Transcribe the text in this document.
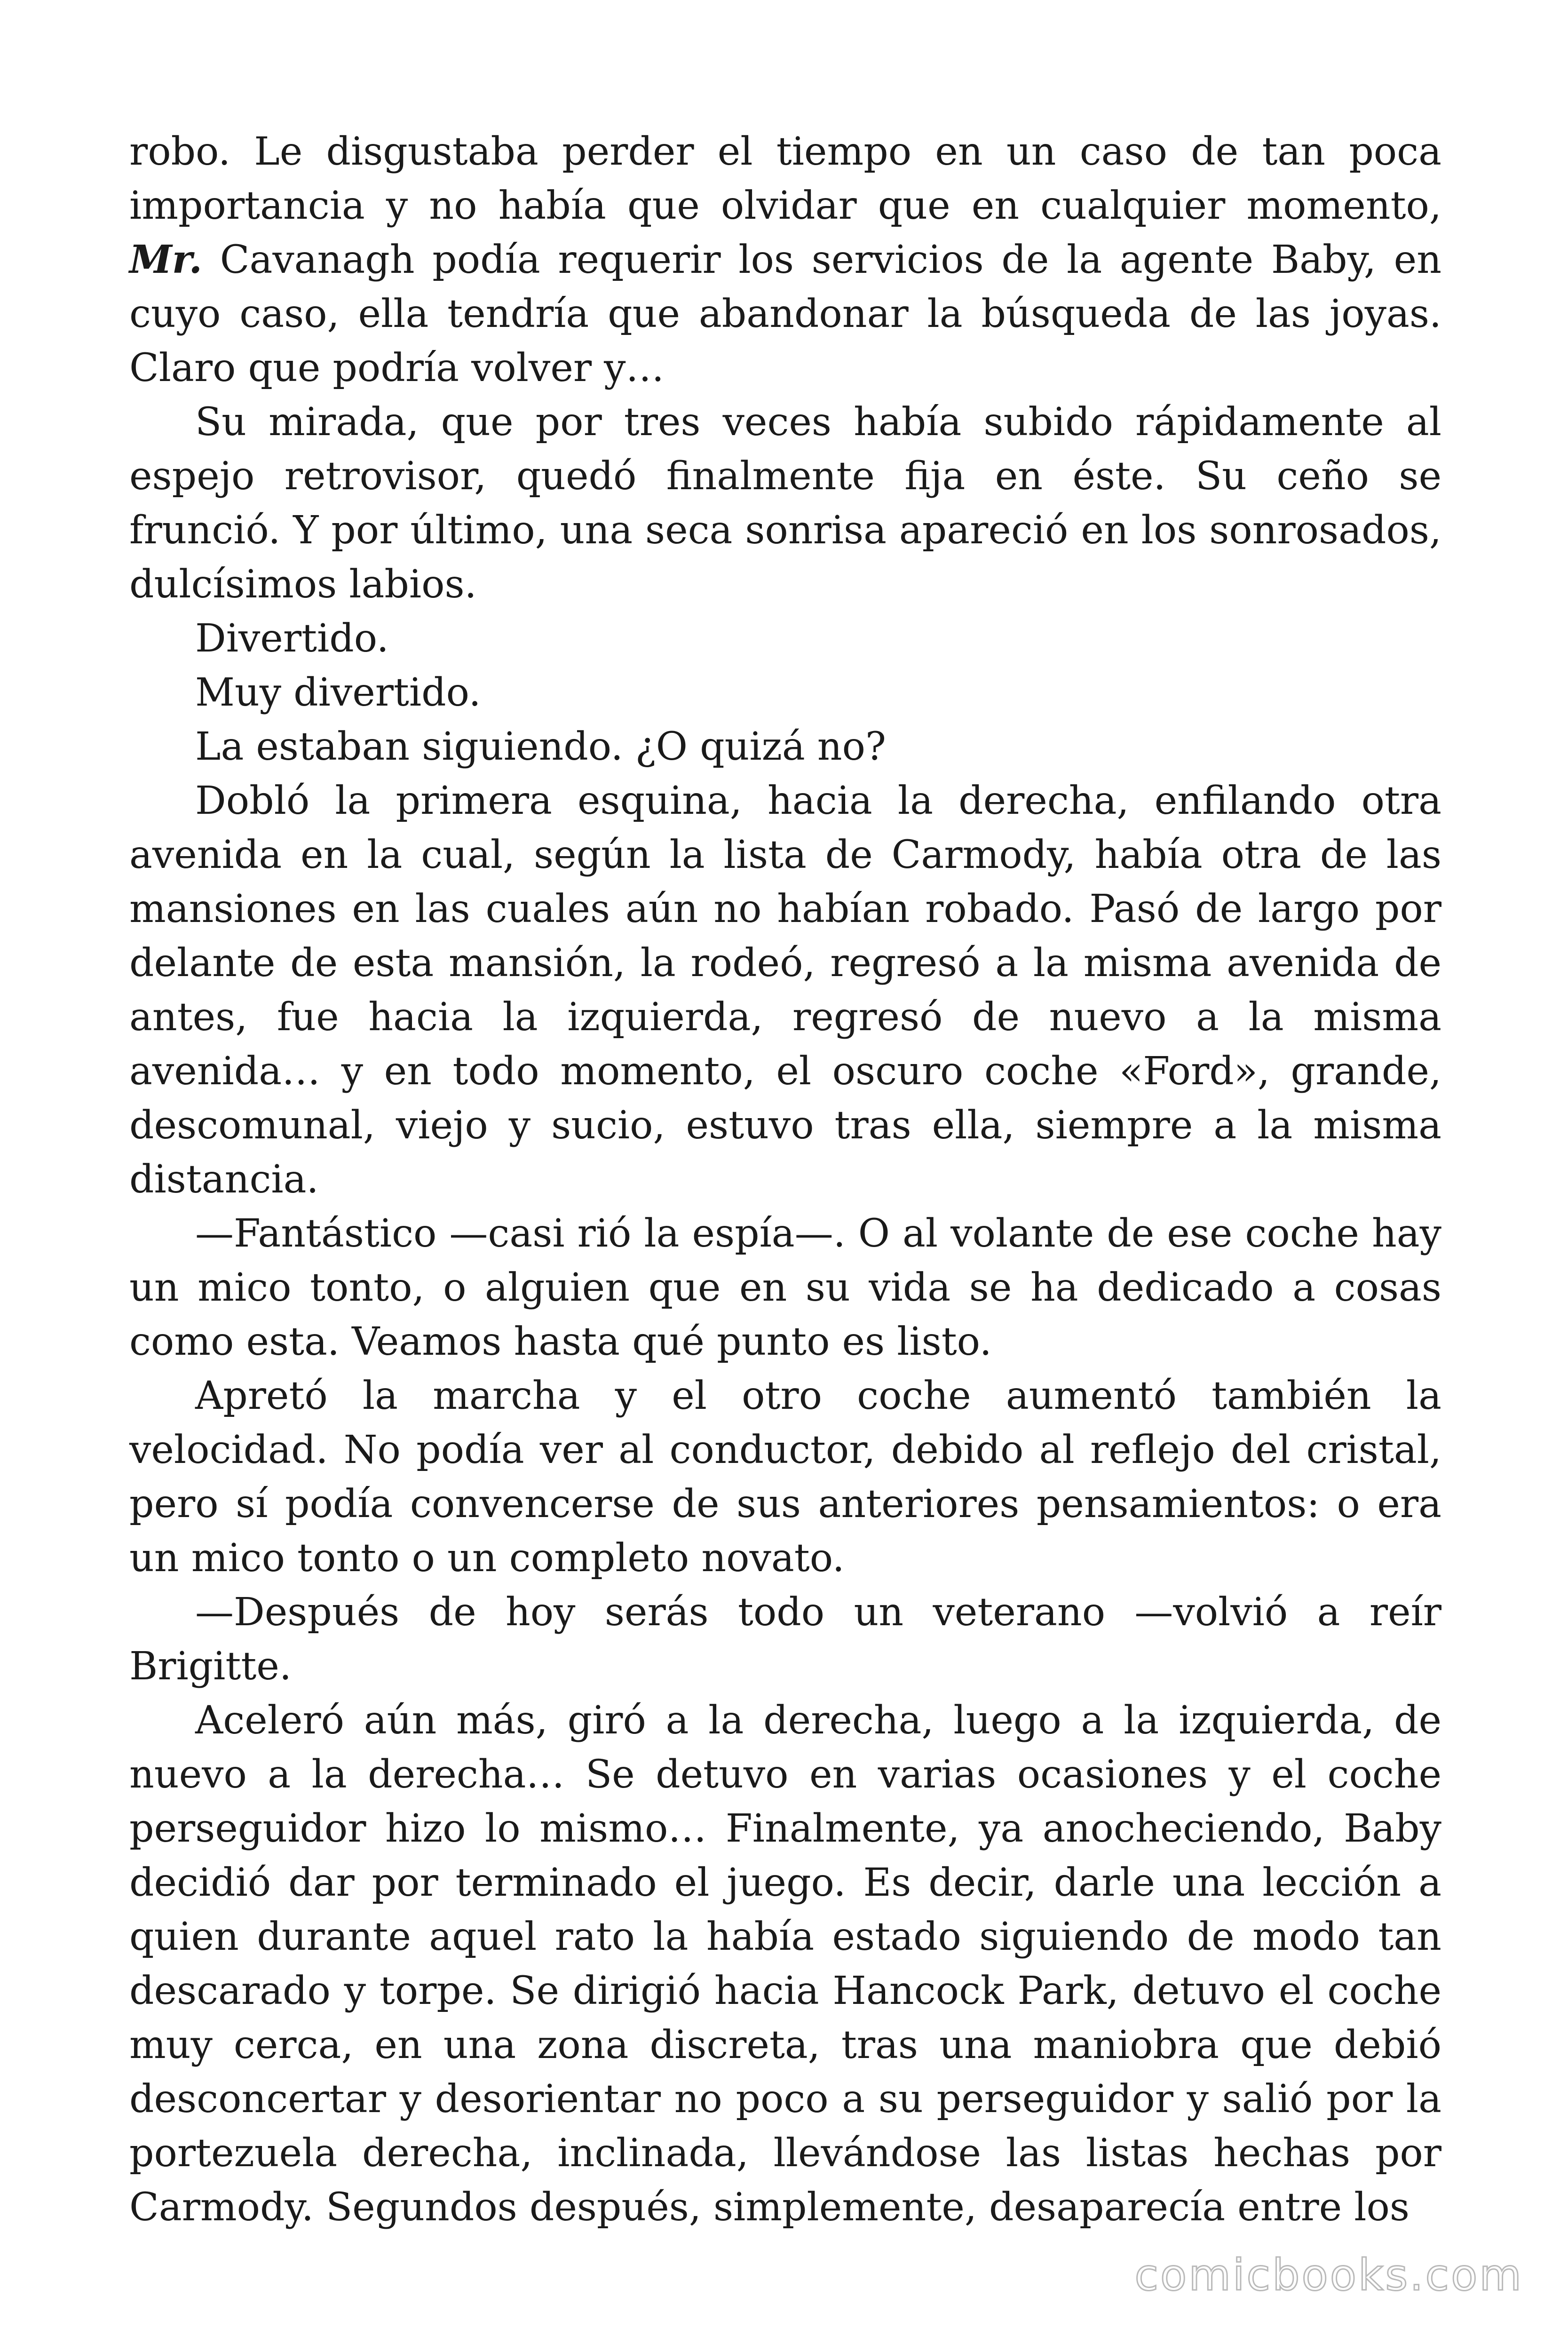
robo. Le disgustaba perder el tiempo en un caso de tan poca importancia y no había que olvidar que en cualquier momento, Mr. Cavanagh podía requerir los servicios de la agente Baby, en cuyo caso, ella tendría que abandonar la búsqueda de las joyas. Claro que podría volver y…

Su mirada, que por tres veces había subido rápidamente al espejo retrovisor, quedó finalmente fija en éste. Su ceño se frunció. Y por último, una seca sonrisa apareció en los sonrosados, dulcísimos labios.

Divertido.

Muy divertido.

La estaban siguiendo. ¿O quizá no?

Dobló la primera esquina, hacia la derecha, enfilando otra avenida en la cual, según la lista de Carmody, había otra de las mansiones en las cuales aún no habían robado. Pasó de largo por delante de esta mansión, la rodeó, regresó a la misma avenida de antes, fue hacia la izquierda, regresó de nuevo a la misma avenida… y en todo momento, el oscuro coche «Ford», grande, descomunal, viejo y sucio, estuvo tras ella, siempre a la misma distancia.

—Fantástico —casi rió la espía—. O al volante de ese coche hay un mico tonto, o alguien que en su vida se ha dedicado a cosas como esta. Veamos hasta qué punto es listo.

Apretó la marcha y el otro coche aumentó también la velocidad. No podía ver al conductor, debido al reflejo del cristal, pero sí podía convencerse de sus anteriores pensamientos: o era un mico tonto o un completo novato.

—Después de hoy serás todo un veterano —volvió a reír Brigitte.

Aceleró aún más, giró a la derecha, luego a la izquierda, de nuevo a la derecha… Se detuvo en varias ocasiones y el coche perseguidor hizo lo mismo… Finalmente, ya anocheciendo, Baby decidió dar por terminado el juego. Es decir, darle una lección a quien durante aquel rato la había estado siguiendo de modo tan descarado y torpe. Se dirigió hacia Hancock Park, detuvo el coche muy cerca, en una zona discreta, tras una maniobra que debió desconcertar y desorientar no poco a su perseguidor y salió por la portezuela derecha, inclinada, llevándose las listas hechas por Carmody. Segundos después, simplemente, desaparecía entre los

comicbooks.com
